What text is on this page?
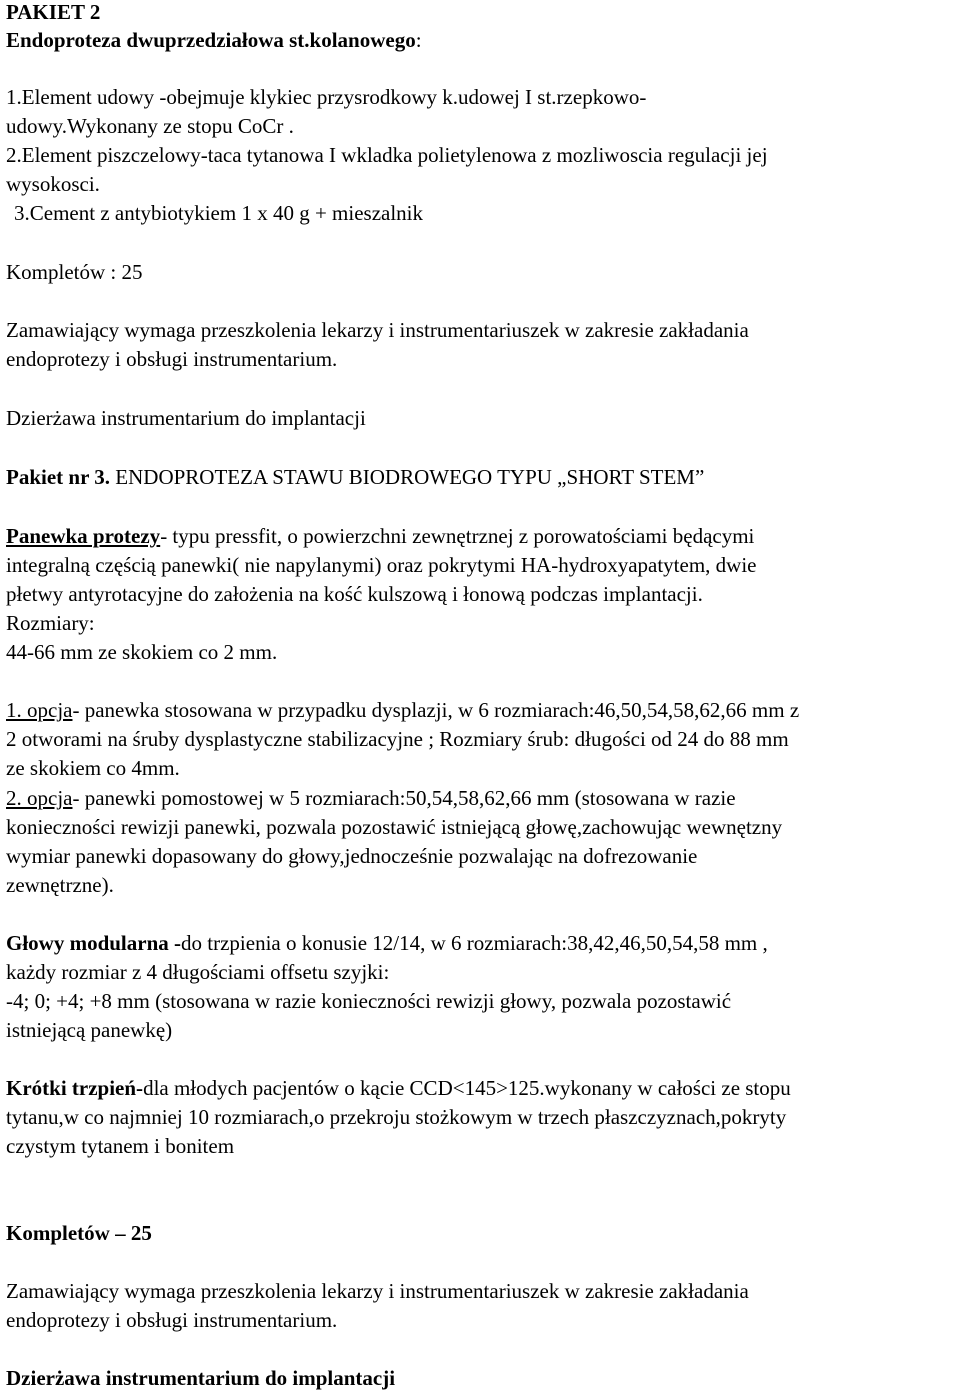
PAKIET 2
Endoproteza dwuprzedziałowa st.kolanowego:
1.Element udowy -obejmuje klykiec przysrodkowy k.udowej I st.rzepkowo-
udowy.Wykonany ze stopu CoCr .
2.Element piszczelowy-taca tytanowa I wkladka polietylenowa z mozliwoscia regulacji jej
wysokosci.
3.Cement z antybiotykiem 1 x 40 g + mieszalnik
Kompletów : 25
Zamawiający wymaga przeszkolenia lekarzy i instrumentariuszek w zakresie zakładania
endoprotezy i obsługi instrumentarium.
Dzierżawa instrumentarium do implantacji
Pakiet nr 3. ENDOPROTEZA STAWU BIODROWEGO TYPU „SHORT STEM”
Panewka protezy- typu pressfit, o powierzchni zewnętrznej z porowatościami będącymi
integralną częścią panewki( nie napylanymi) oraz pokrytymi HA-hydroxyapatytem, dwie
płetwy antyrotacyjne do założenia na kość kulszową i łonową podczas implantacji.
Rozmiary:
44-66 mm ze skokiem co 2 mm.
1. opcja- panewka stosowana w przypadku dysplazji, w 6 rozmiarach:46,50,54,58,62,66 mm z
2 otworami na śruby dysplastyczne stabilizacyjne ; Rozmiary śrub: długości od 24 do 88 mm
ze skokiem co 4mm.
2. opcja- panewki pomostowej w 5 rozmiarach:50,54,58,62,66 mm (stosowana w razie
konieczności rewizji panewki, pozwala pozostawić istniejącą głowę,zachowując wewnętzny
wymiar panewki dopasowany do głowy,jednocześnie pozwalając na dofrezowanie
zewnętrzne).
Głowy modularna -do trzpienia o konusie 12/14, w 6 rozmiarach:38,42,46,50,54,58 mm ,
każdy rozmiar z 4 długościami offsetu szyjki:
-4; 0; +4; +8 mm (stosowana w razie konieczności rewizji głowy, pozwala pozostawić
istniejącą panewkę)
Krótki trzpień-dla młodych pacjentów o kącie CCD<145>125.wykonany w całości ze stopu
tytanu,w co najmniej 10 rozmiarach,o przekroju stożkowym w trzech płaszczyznach,pokryty
czystym tytanem i bonitem
Kompletów – 25
Zamawiający wymaga przeszkolenia lekarzy i instrumentariuszek w zakresie zakładania
endoprotezy i obsługi instrumentarium.
Dzierżawa instrumentarium do implantacji
